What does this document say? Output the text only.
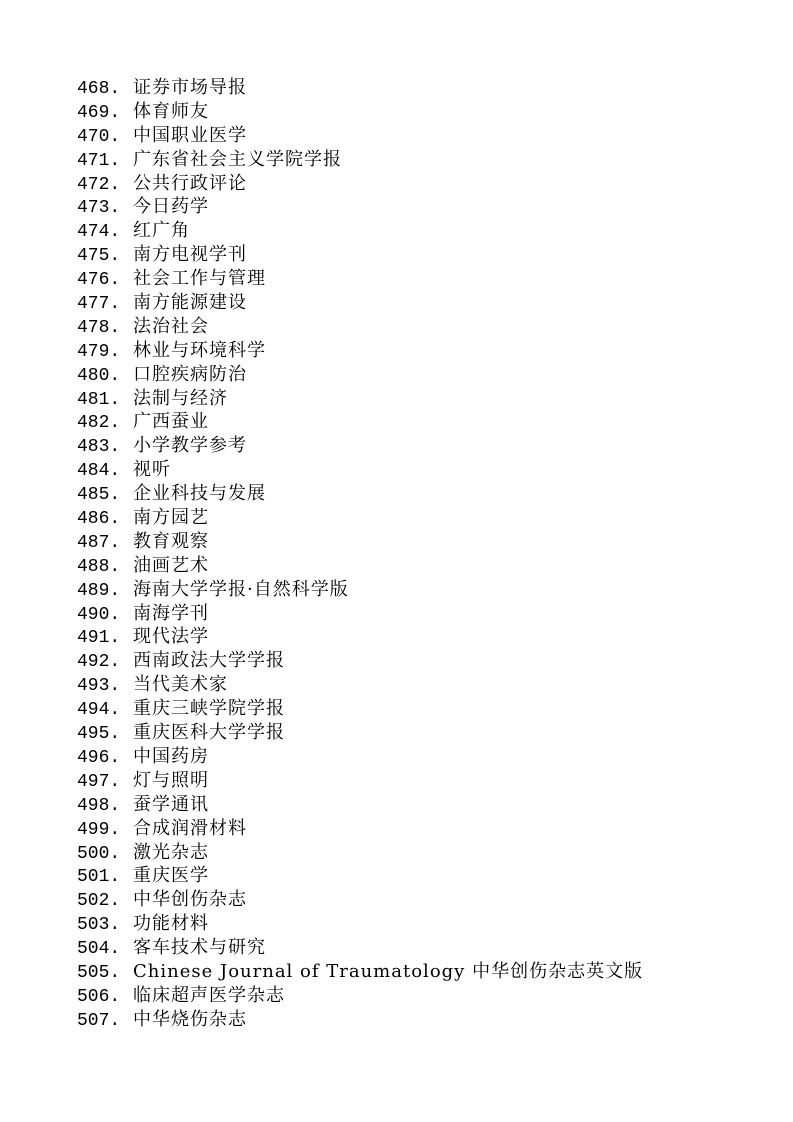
468. 证券市场导报
469. 体育师友
470. 中国职业医学
471. 广东省社会主义学院学报
472. 公共行政评论
473. 今日药学
474. 红广角
475. 南方电视学刊
476. 社会工作与管理
477. 南方能源建设
478. 法治社会
479. 林业与环境科学
480. 口腔疾病防治
481. 法制与经济
482. 广西蚕业
483. 小学教学参考
484. 视听
485. 企业科技与发展
486. 南方园艺
487. 教育观察
488. 油画艺术
489. 海南大学学报·自然科学版
490. 南海学刊
491. 现代法学
492. 西南政法大学学报
493. 当代美术家
494. 重庆三峡学院学报
495. 重庆医科大学学报
496. 中国药房
497. 灯与照明
498. 蚕学通讯
499. 合成润滑材料
500. 激光杂志
501. 重庆医学
502. 中华创伤杂志
503. 功能材料
504. 客车技术与研究
505. Chinese Journal of Traumatology 中华创伤杂志英文版
506. 临床超声医学杂志
507. 中华烧伤杂志
